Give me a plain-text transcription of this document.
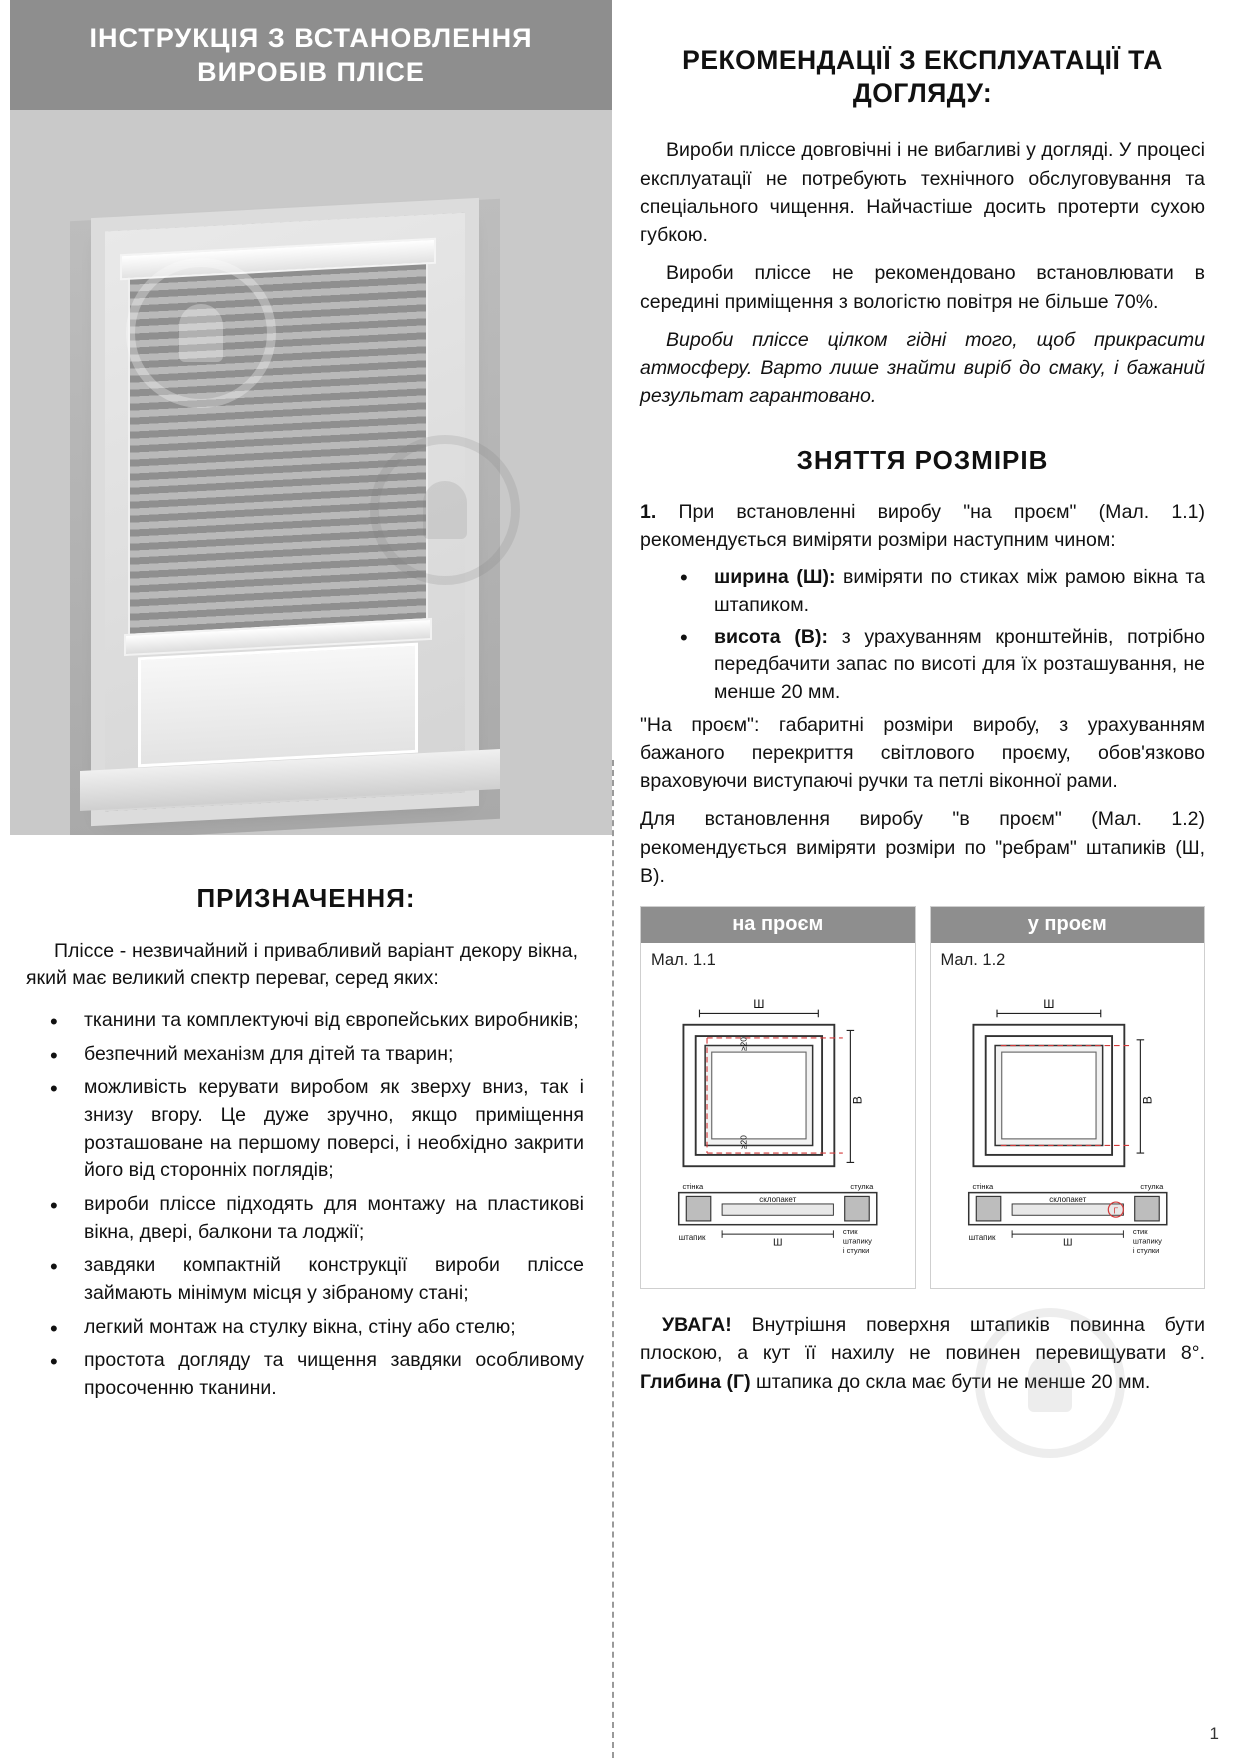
ІНСТРУКЦІЯ З ВСТАНОВЛЕННЯ ВИРОБІВ ПЛІСЕ
ПРИЗНАЧЕННЯ:

Пліссе - незвичайний і привабливий варіант декору вікна, який має великий спектр переваг, серед яких:

• тканини та комплектуючі від європейських виробників;
• безпечний механізм для дітей та тварин;
• можливість керувати виробом як зверху вниз, так і знизу вгору. Це дуже зручно, якщо приміщення розташоване на першому поверсі, і необхідно закрити його від сторонніх поглядів;
• вироби пліссе підходять для монтажу на пластикові вікна, двері, балкони та лоджії;
• завдяки компактній конструкції вироби пліссе займають мінімум місця у зібраному стані;
• легкий монтаж на стулку вікна, стіну або стелю;
• простота догляду та чищення завдяки особливому просоченню тканини.
РЕКОМЕНДАЦІЇ З ЕКСПЛУАТАЦІЇ ТА ДОГЛЯДУ:

Вироби пліссе довговічні і не вибагливі у догляді. У процесі експлуатації не потребують технічного обслуговування та спеціального чищення. Найчастіше досить протерти сухою губкою.

Вироби пліссе не рекомендовано встановлювати в середині приміщення з вологістю повітря не більше 70%.

Вироби пліссе цілком гідні того, щоб прикрасити атмосферу. Варто лише знайти виріб до смаку, і бажаний результат гарантовано.

ЗНЯТТЯ РОЗМІРІВ

1. При встановленні виробу "на проєм" (Мал. 1.1) рекомендується виміряти розміри наступним чином:

• ширина (Ш): виміряти по стиках між рамою вікна та штапиком.
• висота (В): з урахуванням кронштейнів, потрібно передбачити запас по висоті для їх розташування, не менше 20 мм.

"На проєм": габаритні розміри виробу, з урахуванням бажаного перекриття світлового проєму, обов'язково враховуючи виступаючі ручки та петлі віконної рами.

Для встановлення виробу "в проєм" (Мал. 1.2) рекомендується виміряти розміри по "ребрам" штапиків (Ш, В).

на проєм
Мал. 1.1
Ш
В
≥20
≥20
склопакет
стінка	стулка
штапик
Ш
стик
штапику
і стулки
у проєм
Мал. 1.2
Ш
В
склопакет
стінка	стулка
штапик
Ш
Г
стик
штапику
і стулки

УВАГА! Внутрішня поверхня штапиків повинна бути плоскою, а кут її нахилу не повинен перевищувати 8°. Глибина (Г) штапика до скла має бути не менше 20 мм.

1
